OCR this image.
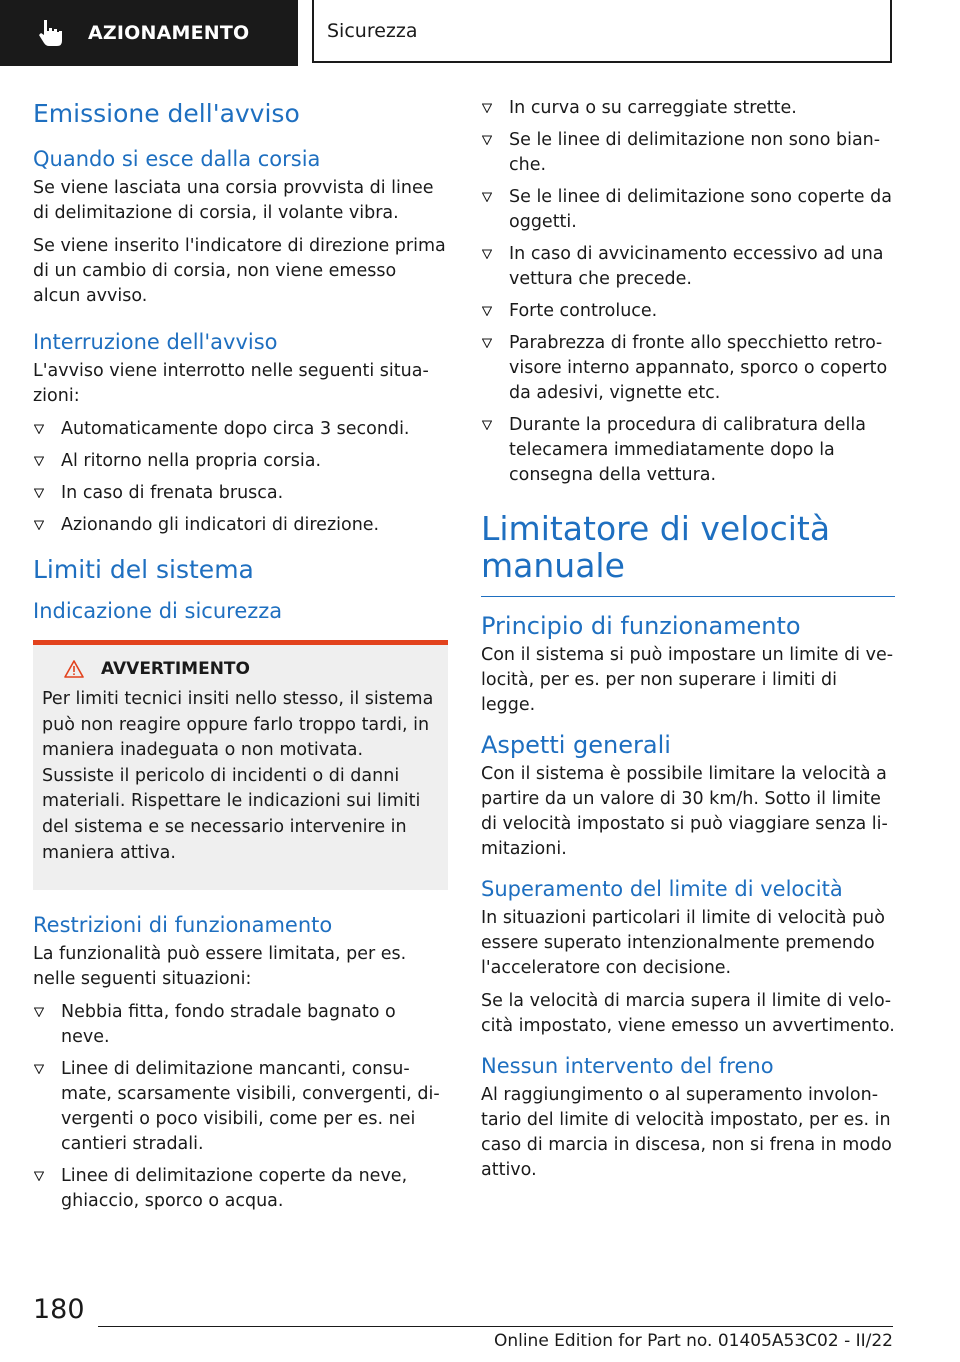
AZIONAMENTO	Sicurezza
Emissione dell'avviso
Quando si esce dalla corsia

Se viene lasciata una corsia provvista di linee di delimitazione di corsia, il volante vibra.

Se viene inserito l'indicatore di direzione prima di un cambio di corsia, non viene emesso alcun avviso.

Interruzione dell'avviso

L'avviso viene interrotto nelle seguenti situazioni:

Automaticamente dopo circa 3 secondi.
Al ritorno nella propria corsia.
In caso di frenata brusca.
Azionando gli indicatori di direzione.
Limiti del sistema
Indicazione di sicurezza
AVVERTIMENTO

Per limiti tecnici insiti nello stesso, il sistema può non reagire oppure farlo troppo tardi, in maniera inadeguata o non motivata. Sussiste il pericolo di incidenti o di danni materiali. Rispettare le indicazioni sui limiti del sistema e se necessario intervenire in maniera attiva.

Restrizioni di funzionamento

La funzionalità può essere limitata, per es. nelle seguenti situazioni:

Nebbia fitta, fondo stradale bagnato o neve.
Linee di delimitazione mancanti, consumate, scarsamente visibili, convergenti, divergenti o poco visibili, come per es. nei cantieri stradali.
Linee di delimitazione coperte da neve, ghiaccio, sporco o acqua.
In curva o su carreggiate strette.
Se le linee di delimitazione non sono bianche.
Se le linee di delimitazione sono coperte da oggetti.
In caso di avvicinamento eccessivo ad una vettura che precede.
Forte controluce.
Parabrezza di fronte allo specchietto retrovisore interno appannato, sporco o coperto da adesivi, vignette etc.
Durante la procedura di calibratura della telecamera immediatamente dopo la consegna della vettura.
Limitatore di velocità manuale
Principio di funzionamento

Con il sistema si può impostare un limite di velocità, per es. per non superare i limiti di legge.

Aspetti generali

Con il sistema è possibile limitare la velocità a partire da un valore di 30 km/h. Sotto il limite di velocità impostato si può viaggiare senza limitazioni.

Superamento del limite di velocità

In situazioni particolari il limite di velocità può essere superato intenzionalmente premendo l'acceleratore con decisione.

Se la velocità di marcia supera il limite di velocità impostato, viene emesso un avvertimento.

Nessun intervento del freno

Al raggiungimento o al superamento involontario del limite di velocità impostato, per es. in caso di marcia in discesa, non si frena in modo attivo.

180
Online Edition for Part no. 01405A53C02 - II/22
